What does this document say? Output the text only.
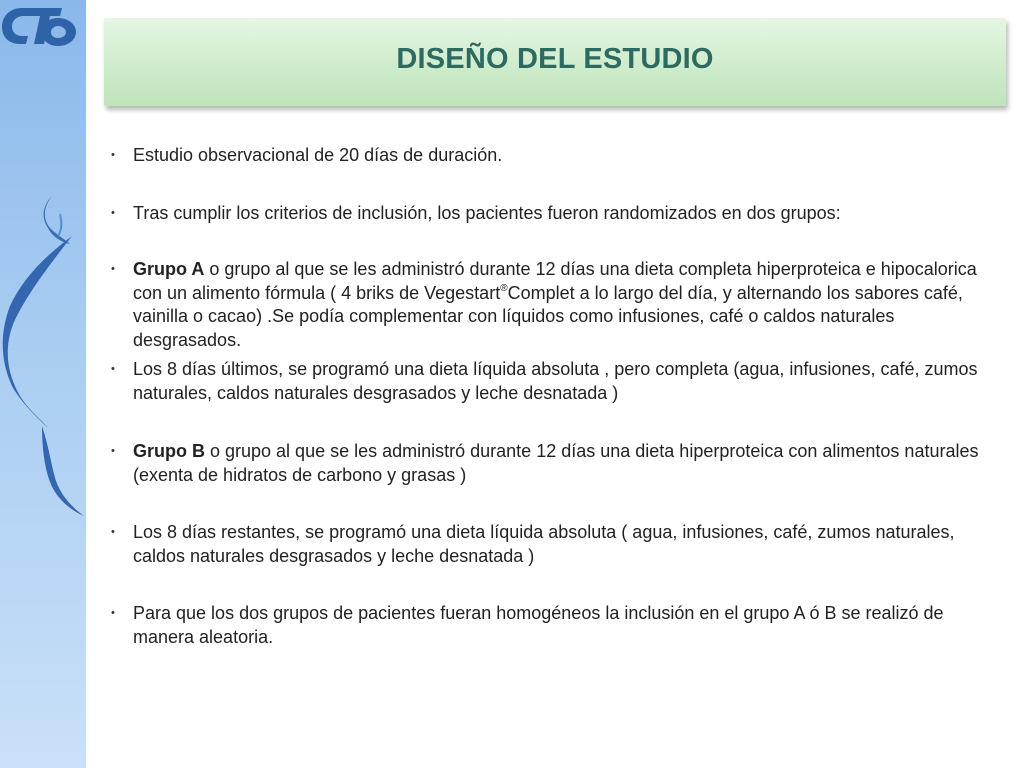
DISEÑO DEL ESTUDIO
• Estudio observacional de 20 días de duración.
• Tras cumplir los criterios de inclusión, los pacientes fueron randomizados en dos grupos:
• Grupo A o grupo al que se les administró durante 12 días una dieta completa hiperproteica e hipocalorica con un alimento fórmula ( 4 briks de Vegestart®Complet a lo largo del día, y alternando los sabores café, vainilla o cacao) .Se podía complementar con líquidos como infusiones, café o caldos naturales desgrasados.
• Los 8 días últimos, se programó una dieta líquida absoluta , pero completa (agua, infusiones, café, zumos naturales, caldos naturales desgrasados y leche desnatada )
• Grupo B o grupo al que se les administró durante 12 días una dieta hiperproteica con alimentos naturales (exenta de hidratos de carbono y grasas )
• Los 8 días restantes, se programó una dieta líquida absoluta ( agua, infusiones, café, zumos naturales, caldos naturales desgrasados y leche desnatada )
• Para que los dos grupos de pacientes fueran homogéneos la inclusión en el grupo A ó B se realizó de manera aleatoria.
